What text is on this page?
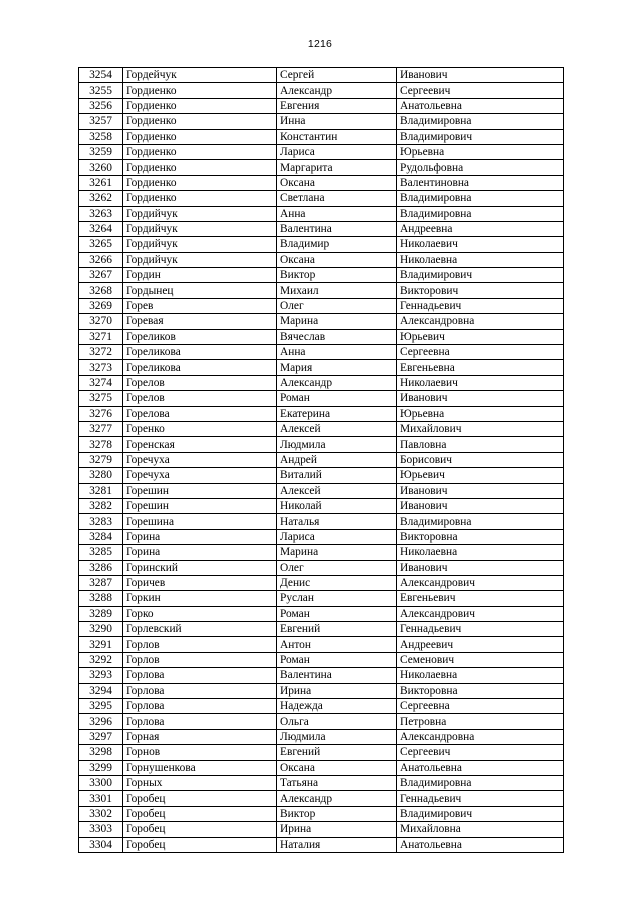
1216
3254	Гордейчук	Сергей	Иванович
3255	Гордиенко	Александр	Сергеевич
3256	Гордиенко	Евгения	Анатольевна
3257	Гордиенко	Инна	Владимировна
3258	Гордиенко	Константин	Владимирович
3259	Гордиенко	Лариса	Юрьевна
3260	Гордиенко	Маргарита	Рудольфовна
3261	Гордиенко	Оксана	Валентиновна
3262	Гордиенко	Светлана	Владимировна
3263	Гордийчук	Анна	Владимировна
3264	Гордийчук	Валентина	Андреевна
3265	Гордийчук	Владимир	Николаевич
3266	Гордийчук	Оксана	Николаевна
3267	Гордин	Виктор	Владимирович
3268	Гордынец	Михаил	Викторович
3269	Горев	Олег	Геннадьевич
3270	Горевая	Марина	Александровна
3271	Гореликов	Вячеслав	Юрьевич
3272	Гореликова	Анна	Сергеевна
3273	Гореликова	Мария	Евгеньевна
3274	Горелов	Александр	Николаевич
3275	Горелов	Роман	Иванович
3276	Горелова	Екатерина	Юрьевна
3277	Горенко	Алексей	Михайлович
3278	Горенская	Людмила	Павловна
3279	Горечуха	Андрей	Борисович
3280	Горечуха	Виталий	Юрьевич
3281	Горешин	Алексей	Иванович
3282	Горешин	Николай	Иванович
3283	Горешина	Наталья	Владимировна
3284	Горина	Лариса	Викторовна
3285	Горина	Марина	Николаевна
3286	Горинский	Олег	Иванович
3287	Горичев	Денис	Александрович
3288	Горкин	Руслан	Евгеньевич
3289	Горко	Роман	Александрович
3290	Горлевский	Евгений	Геннадьевич
3291	Горлов	Антон	Андреевич
3292	Горлов	Роман	Семенович
3293	Горлова	Валентина	Николаевна
3294	Горлова	Ирина	Викторовна
3295	Горлова	Надежда	Сергеевна
3296	Горлова	Ольга	Петровна
3297	Горная	Людмила	Александровна
3298	Горнов	Евгений	Сергеевич
3299	Горнушенкова	Оксана	Анатольевна
3300	Горных	Татьяна	Владимировна
3301	Горобец	Александр	Геннадьевич
3302	Горобец	Виктор	Владимирович
3303	Горобец	Ирина	Михайловна
3304	Горобец	Наталия	Анатольевна
